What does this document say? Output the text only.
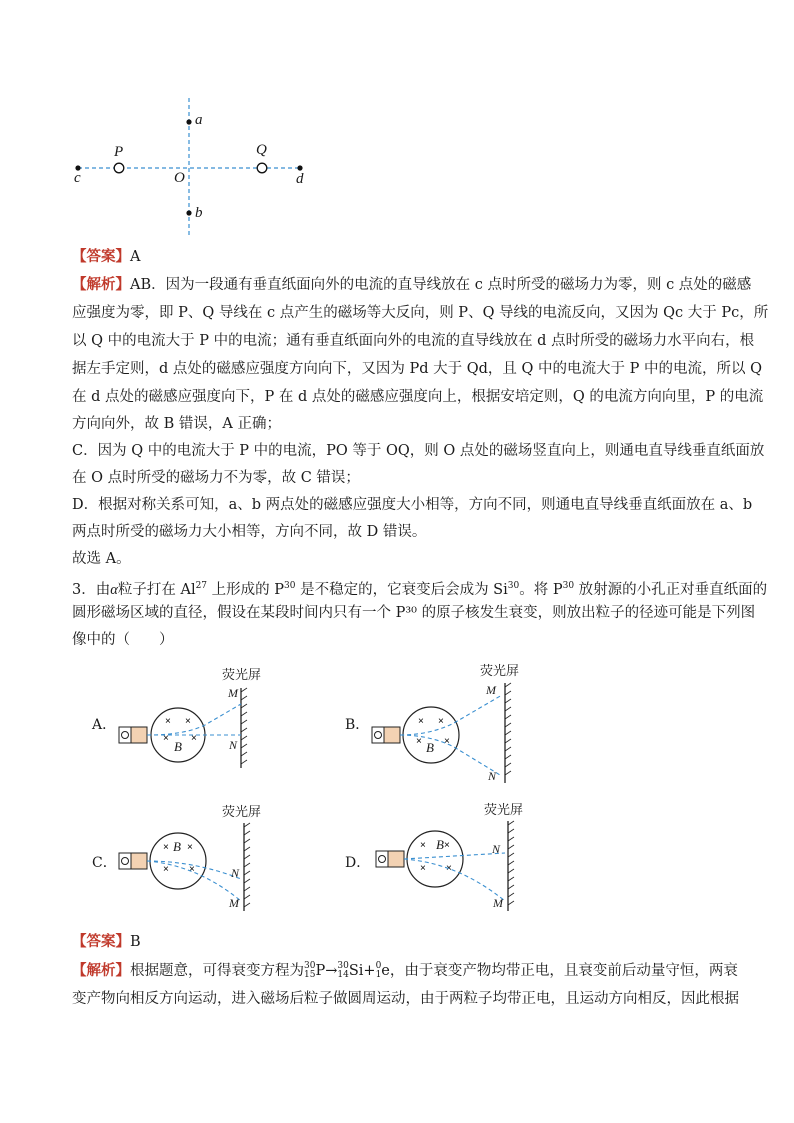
a
b
c	d
O
P	Q
【答案】A
【解析】AB．因为一段通有垂直纸面向外的电流的直导线放在 c 点时所受的磁场力为零，则 c 点处的磁感
应强度为零，即 P、Q 导线在 c 点产生的磁场等大反向，则 P、Q 导线的电流反向，又因为 Qc 大于 Pc，所
以 Q 中的电流大于 P 中的电流；通有垂直纸面向外的电流的直导线放在 d 点时所受的磁场力水平向右，根
据左手定则，d 点处的磁感应强度方向向下，又因为 Pd 大于 Qd，且 Q 中的电流大于 P 中的电流，所以 Q
在 d 点处的磁感应强度向下，P 在 d 点处的磁感应强度向上，根据安培定则，Q 的电流方向向里，P 的电流
方向向外，故 B 错误，A 正确；
C．因为 Q 中的电流大于 P 中的电流，PO 等于 OQ，则 O 点处的磁场竖直向上，则通电直导线垂直纸面放
在 O 点时所受的磁场力不为零，故 C 错误；
D．根据对称关系可知，a、b 两点处的磁感应强度大小相等，方向不同，则通电直导线垂直纸面放在 a、b
两点时所受的磁场力大小相等，方向不同，故 D 错误。
故选 A。
3．由α粒子打在 Al$^{27}$ 上形成的 $P^{30}$ 是不稳定的，它衰变后会成为 Si$^{30}$。将 $P^{30}$ 放射源的小孔正对垂直纸面的
圆形磁场区域的直径，假设在某段时间内只有一个 P³⁰ 的原子核发生衰变，则放出粒子的径迹可能是下列图
像中的（　　）
A．
荧光屏
× ×
× ×
M
N
B
B．
荧光屏
× ×
× ×
M
N
B
C．
荧光屏
× ×
× ×	N
M
B
D．
荧光屏
× ×
× ×
N
M
B
【答案】B
【解析】根据题意，可得衰变方程为30
15P→30
14Si+0
1e，由于衰变产物均带正电，且衰变前后动量守恒，两衰
变产物向相反方向运动，进入磁场后粒子做圆周运动，由于两粒子均带正电，且运动方向相反，因此根据
